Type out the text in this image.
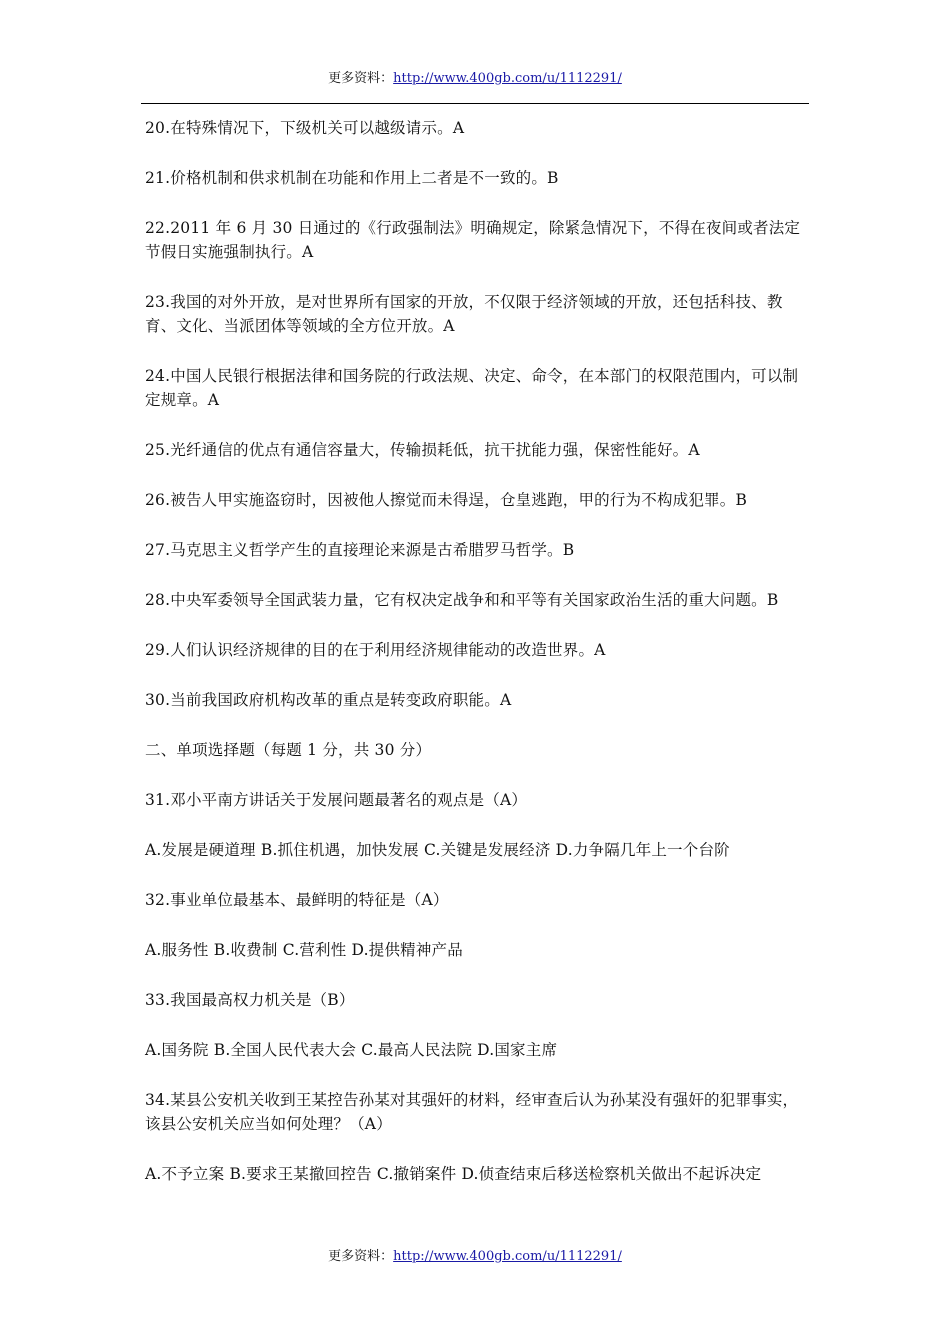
更多资料：http://www.400gb.com/u/1112291/

20.在特殊情况下，下级机关可以越级请示。A

21.价格机制和供求机制在功能和作用上二者是不一致的。B

22.2011 年 6 月 30 日通过的《行政强制法》明确规定，除紧急情况下，不得在夜间或者法定节假日实施强制执行。A

23.我国的对外开放，是对世界所有国家的开放，不仅限于经济领域的开放，还包括科技、教育、文化、当派团体等领域的全方位开放。A

24.中国人民银行根据法律和国务院的行政法规、决定、命令，在本部门的权限范围内，可以制定规章。A

25.光纤通信的优点有通信容量大，传输损耗低，抗干扰能力强，保密性能好。A

26.被告人甲实施盗窃时，因被他人擦觉而未得逞，仓皇逃跑，甲的行为不构成犯罪。B

27.马克思主义哲学产生的直接理论来源是古希腊罗马哲学。B

28.中央军委领导全国武装力量，它有权决定战争和和平等有关国家政治生活的重大问题。B

29.人们认识经济规律的目的在于利用经济规律能动的改造世界。A

30.当前我国政府机构改革的重点是转变政府职能。A

二、单项选择题（每题 1 分，共 30 分）

31.邓小平南方讲话关于发展问题最著名的观点是（A）

A.发展是硬道理 B.抓住机遇，加快发展 C.关键是发展经济 D.力争隔几年上一个台阶

32.事业单位最基本、最鲜明的特征是（A）

A.服务性 B.收费制 C.营利性 D.提供精神产品

33.我国最高权力机关是（B）

A.国务院 B.全国人民代表大会 C.最高人民法院 D.国家主席

34.某县公安机关收到王某控告孙某对其强奸的材料，经审查后认为孙某没有强奸的犯罪事实，该县公安机关应当如何处理？（A）

A.不予立案 B.要求王某撤回控告 C.撤销案件 D.侦查结束后移送检察机关做出不起诉决定

更多资料：http://www.400gb.com/u/1112291/
